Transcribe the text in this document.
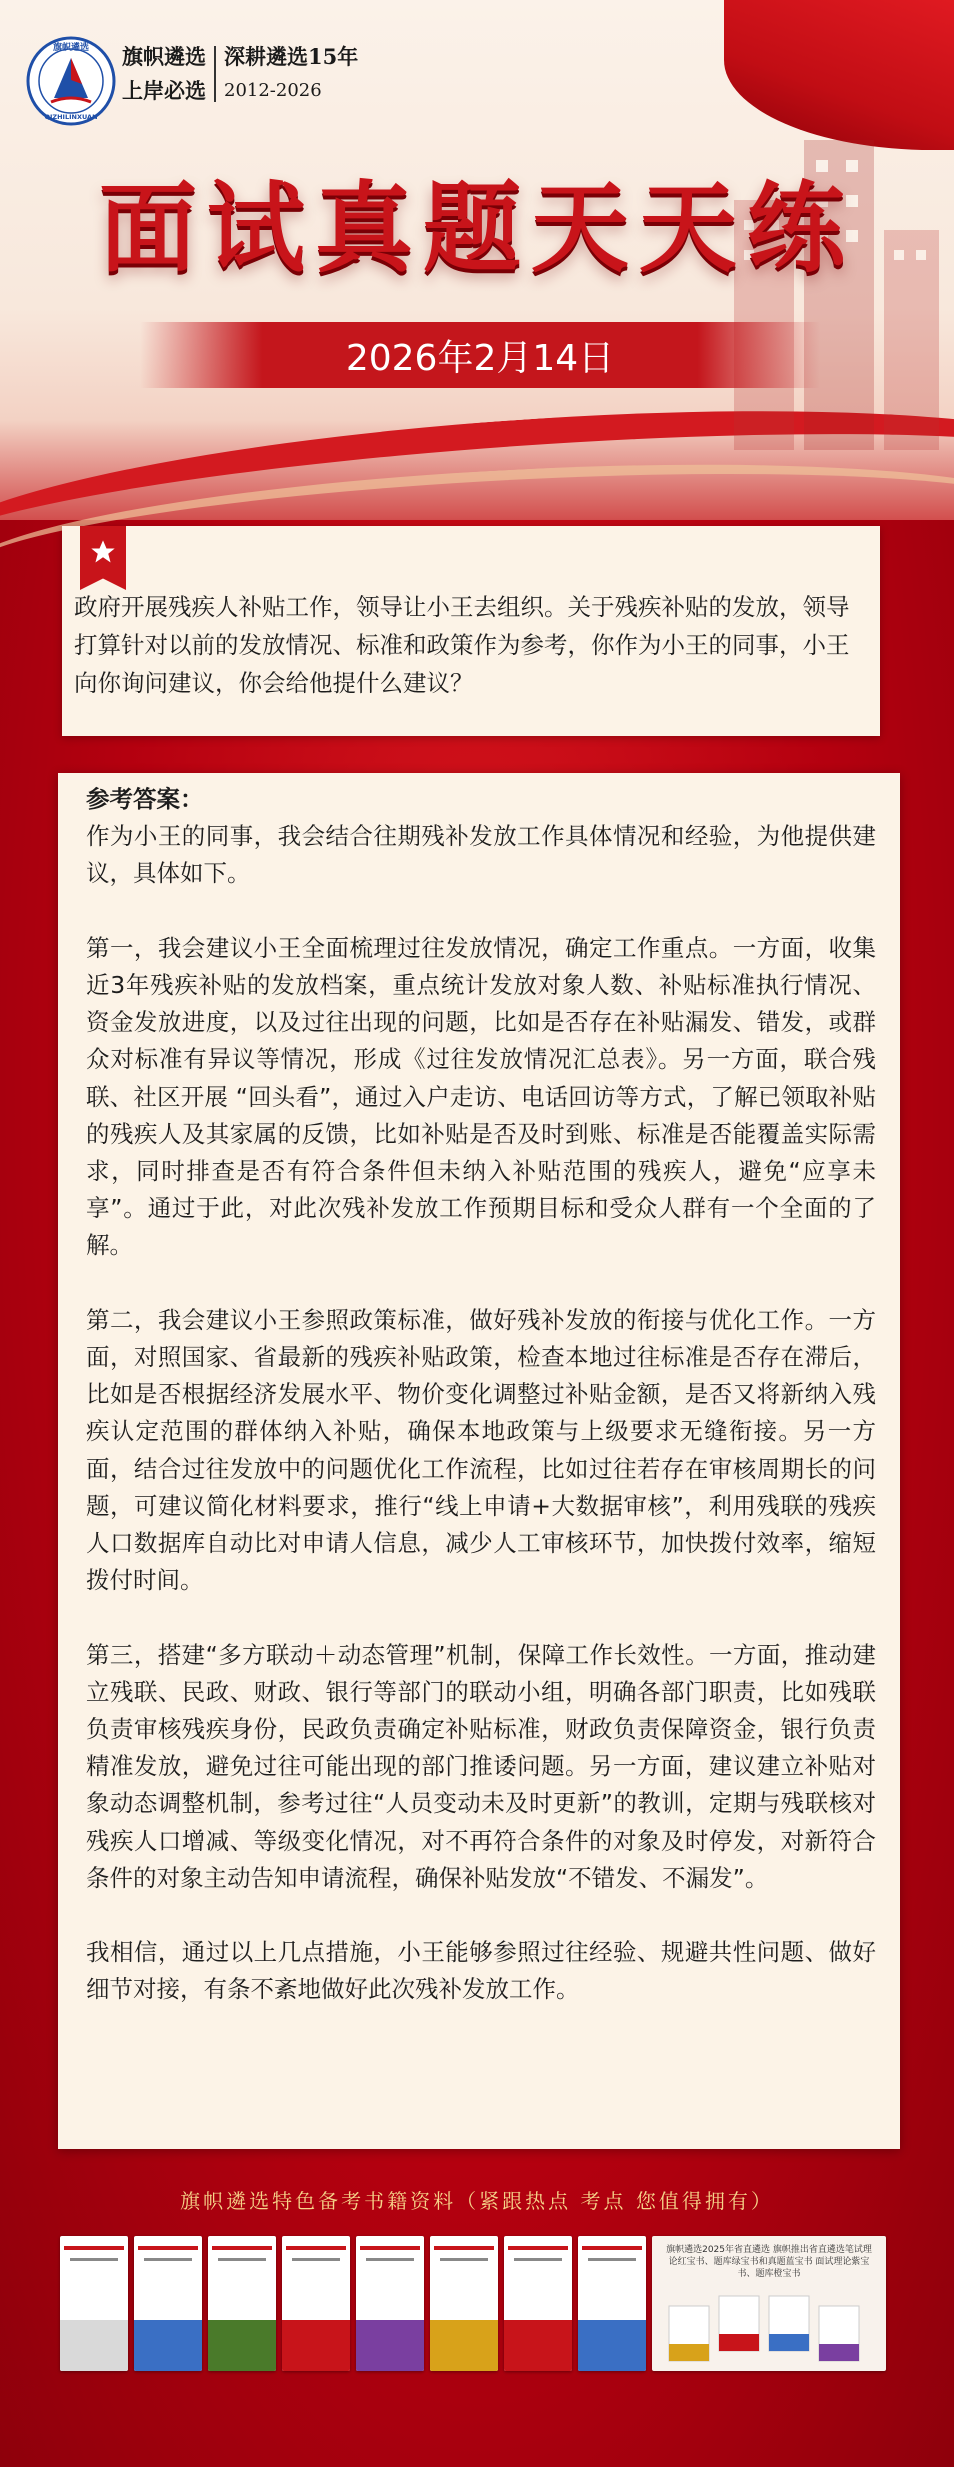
旗帜遴选
QIZHILINXUAN
旗帜遴选
上岸必选
深耕遴选15年
2012-2026
面试真题天天练
2026年2月14日
政府开展残疾人补贴工作，领导让小王去组织。关于残疾补贴的发放，领导打算针对以前的发放情况、标准和政策作为参考，你作为小王的同事，小王向你询问建议，你会给他提什么建议？

参考答案：

作为小王的同事，我会结合往期残补发放工作具体情况和经验，为他提供建议，具体如下。

第一，我会建议小王全面梳理过往发放情况，确定工作重点。一方面，收集近3年残疾补贴的发放档案，重点统计发放对象人数、补贴标准执行情况、资金发放进度，以及过往出现的问题，比如是否存在补贴漏发、错发，或群众对标准有异议等情况，形成《过往发放情况汇总表》。另一方面，联合残联、社区开展 “回头看”，通过入户走访、电话回访等方式，了解已领取补贴的残疾人及其家属的反馈，比如补贴是否及时到账、标准是否能覆盖实际需求，同时排查是否有符合条件但未纳入补贴范围的残疾人，避免“应享未享”。通过于此，对此次残补发放工作预期目标和受众人群有一个全面的了解。

第二，我会建议小王参照政策标准，做好残补发放的衔接与优化工作。一方面，对照国家、省最新的残疾补贴政策，检查本地过往标准是否存在滞后，比如是否根据经济发展水平、物价变化调整过补贴金额，是否又将新纳入残疾认定范围的群体纳入补贴，确保本地政策与上级要求无缝衔接。另一方面，结合过往发放中的问题优化工作流程，比如过往若存在审核周期长的问题，可建议简化材料要求，推行“线上申请+大数据审核”，利用残联的残疾人口数据库自动比对申请人信息，减少人工审核环节，加快拨付效率，缩短拨付时间。

第三，搭建“多方联动＋动态管理”机制，保障工作长效性。一方面，推动建立残联、民政、财政、银行等部门的联动小组，明确各部门职责，比如残联负责审核残疾身份，民政负责确定补贴标准，财政负责保障资金，银行负责精准发放，避免过往可能出现的部门推诿问题。另一方面，建议建立补贴对象动态调整机制，参考过往“人员变动未及时更新”的教训，定期与残联核对残疾人口增减、等级变化情况，对不再符合条件的对象及时停发，对新符合条件的对象主动告知申请流程，确保补贴发放“不错发、不漏发”。

我相信，通过以上几点措施，小王能够参照过往经验、规避共性问题、做好细节对接，有条不紊地做好此次残补发放工作。

旗帜遴选特色备考书籍资料（紧跟热点 考点 您值得拥有）
旗帜遴选2025年省直遴选 旗帜推出省直遴选笔试理论红宝书、题库绿宝书和真题蓝宝书 面试理论紫宝书、题库橙宝书
